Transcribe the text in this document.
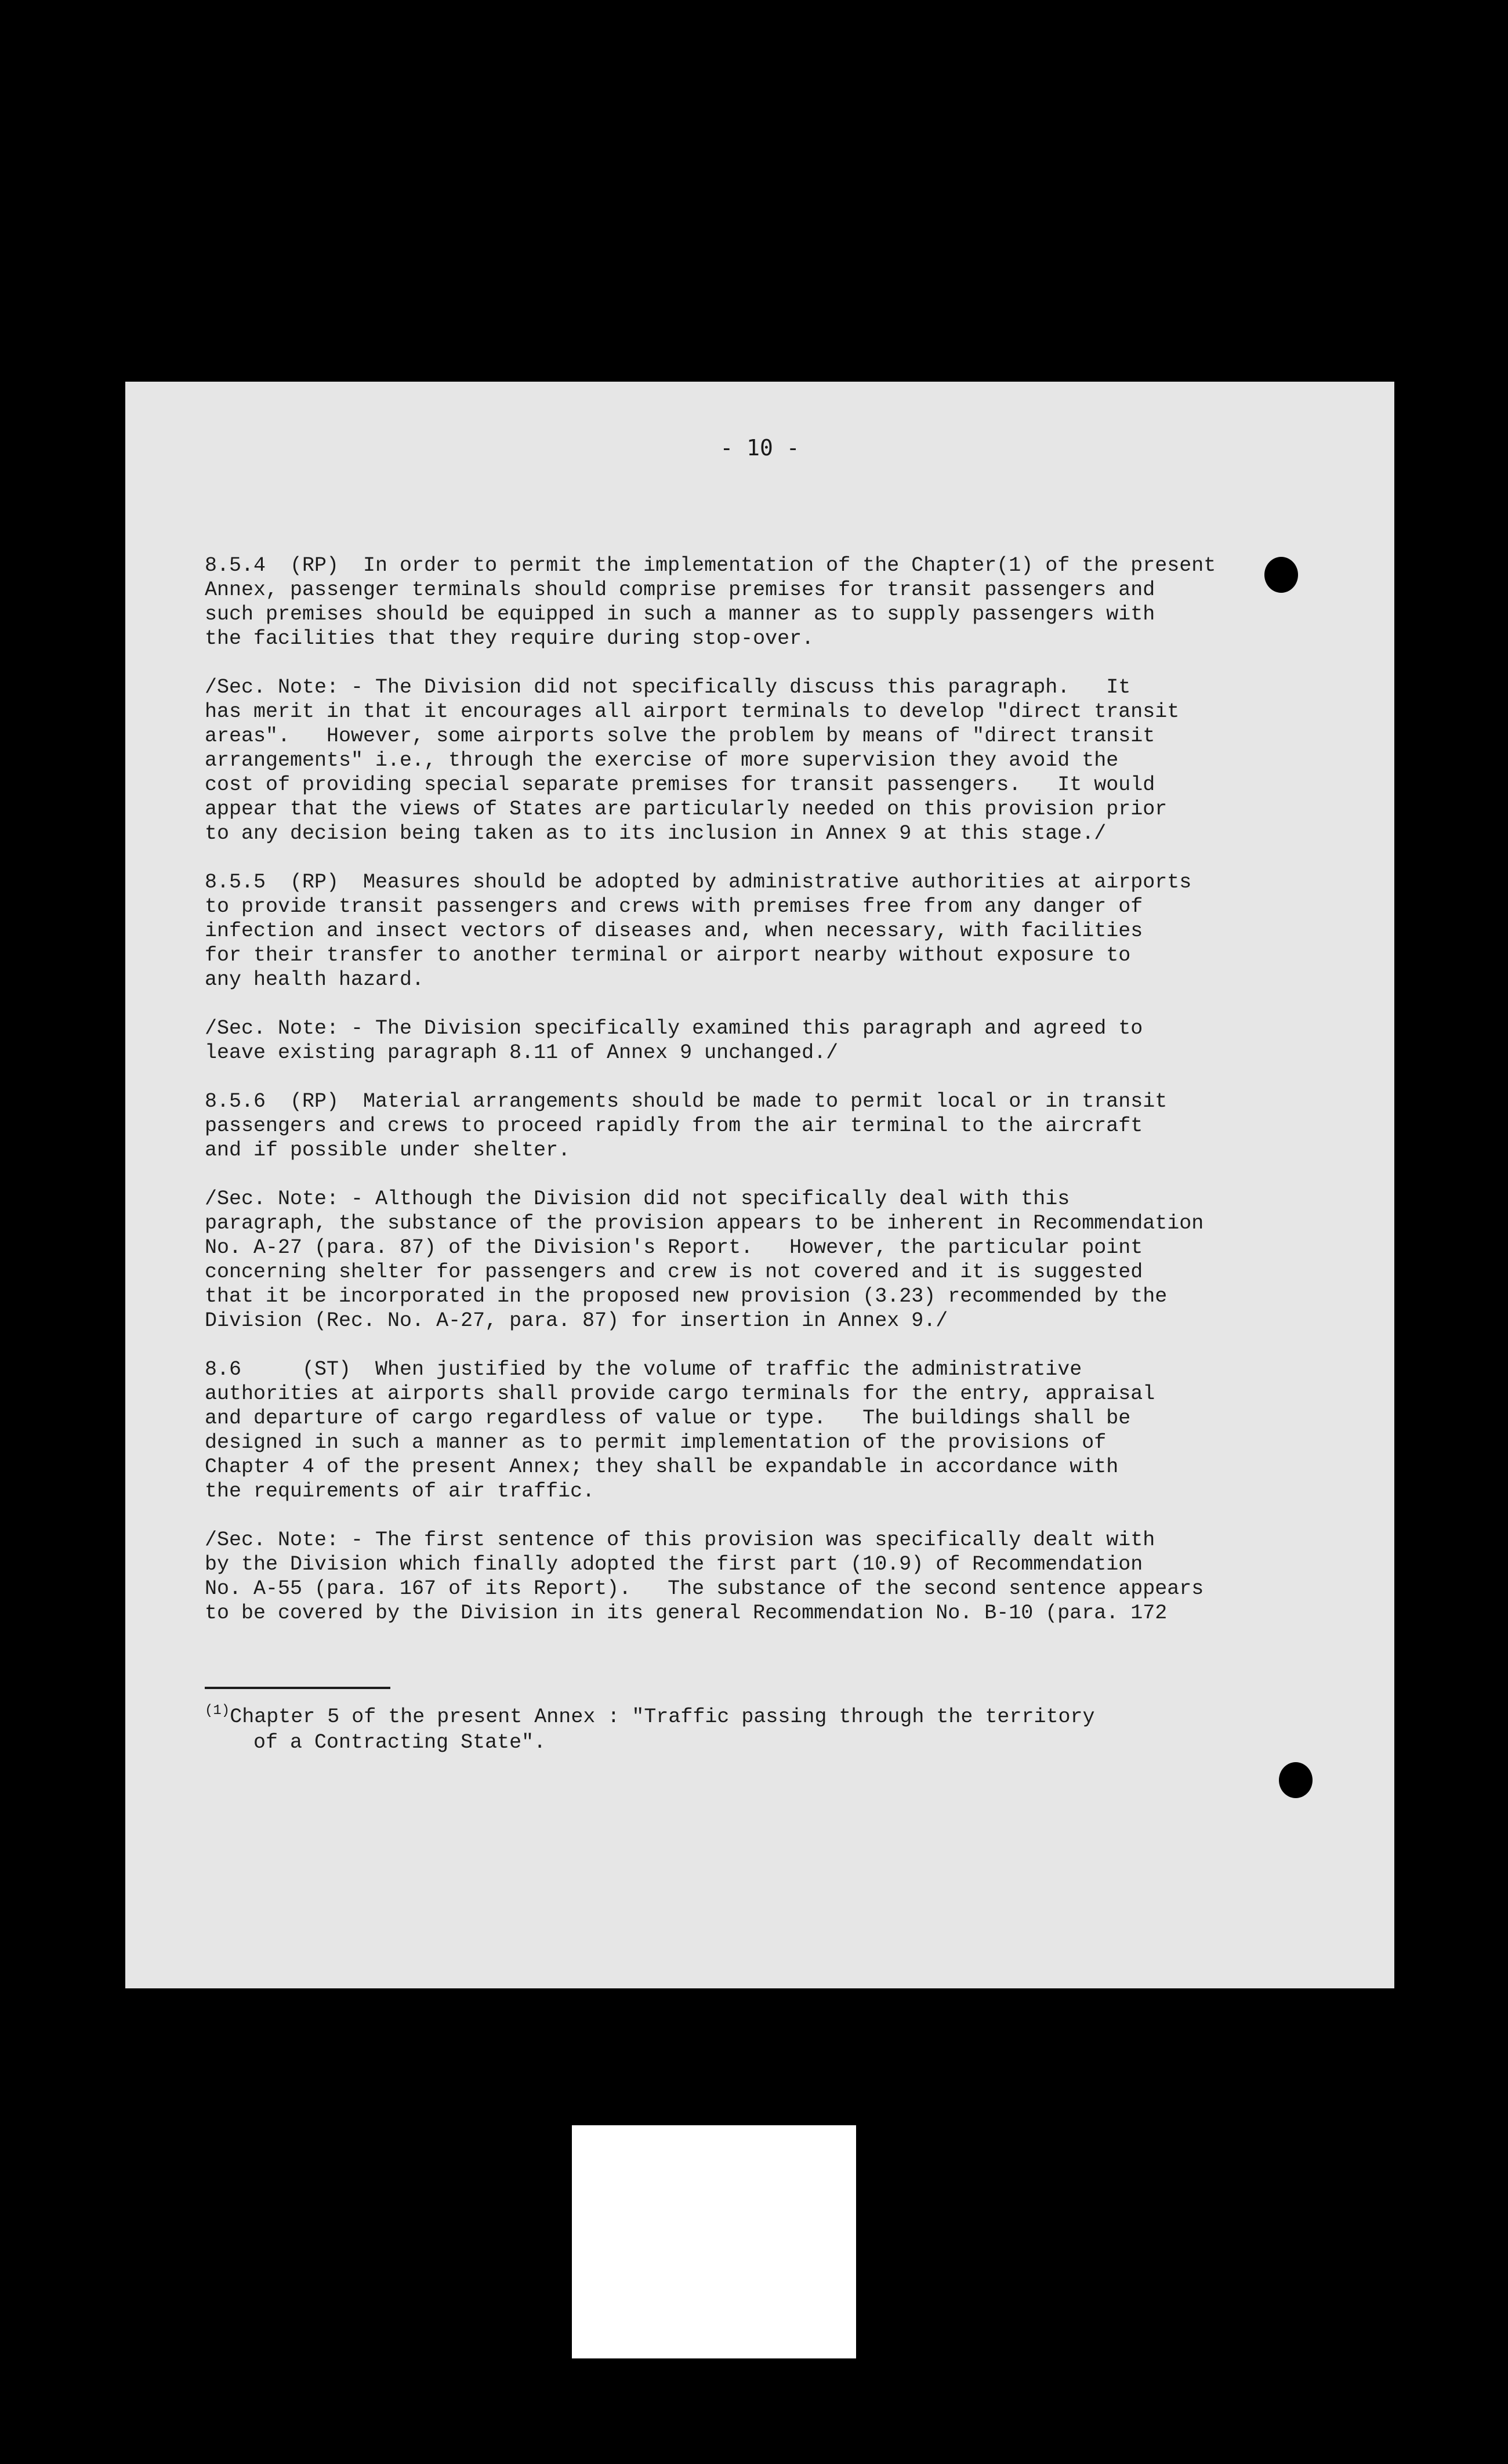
- 10 -
8.5.4  (RP)  In order to permit the implementation of the Chapter(1) of the present
Annex, passenger terminals should comprise premises for transit passengers and
such premises should be equipped in such a manner as to supply passengers with
the facilities that they require during stop-over.
/Sec. Note: - The Division did not specifically discuss this paragraph.   It
has merit in that it encourages all airport terminals to develop "direct transit
areas".   However, some airports solve the problem by means of "direct transit
arrangements" i.e., through the exercise of more supervision they avoid the
cost of providing special separate premises for transit passengers.   It would
appear that the views of States are particularly needed on this provision prior
to any decision being taken as to its inclusion in Annex 9 at this stage./
8.5.5  (RP)  Measures should be adopted by administrative authorities at airports
to provide transit passengers and crews with premises free from any danger of
infection and insect vectors of diseases and, when necessary, with facilities
for their transfer to another terminal or airport nearby without exposure to
any health hazard.
/Sec. Note: - The Division specifically examined this paragraph and agreed to
leave existing paragraph 8.11 of Annex 9 unchanged./
8.5.6  (RP)  Material arrangements should be made to permit local or in transit
passengers and crews to proceed rapidly from the air terminal to the aircraft
and if possible under shelter.
/Sec. Note: - Although the Division did not specifically deal with this
paragraph, the substance of the provision appears to be inherent in Recommendation
No. A-27 (para. 87) of the Division's Report.   However, the particular point
concerning shelter for passengers and crew is not covered and it is suggested
that it be incorporated in the proposed new provision (3.23) recommended by the
Division (Rec. No. A-27, para. 87) for insertion in Annex 9./
8.6     (ST)  When justified by the volume of traffic the administrative
authorities at airports shall provide cargo terminals for the entry, appraisal
and departure of cargo regardless of value or type.   The buildings shall be
designed in such a manner as to permit implementation of the provisions of
Chapter 4 of the present Annex; they shall be expandable in accordance with
the requirements of air traffic.
/Sec. Note: - The first sentence of this provision was specifically dealt with
by the Division which finally adopted the first part (10.9) of Recommendation
No. A-55 (para. 167 of its Report).   The substance of the second sentence appears
to be covered by the Division in its general Recommendation No. B-10 (para. 172
$^{(1)}$Chapter 5 of the present Annex : "Traffic passing through the territory
of a Contracting State".
